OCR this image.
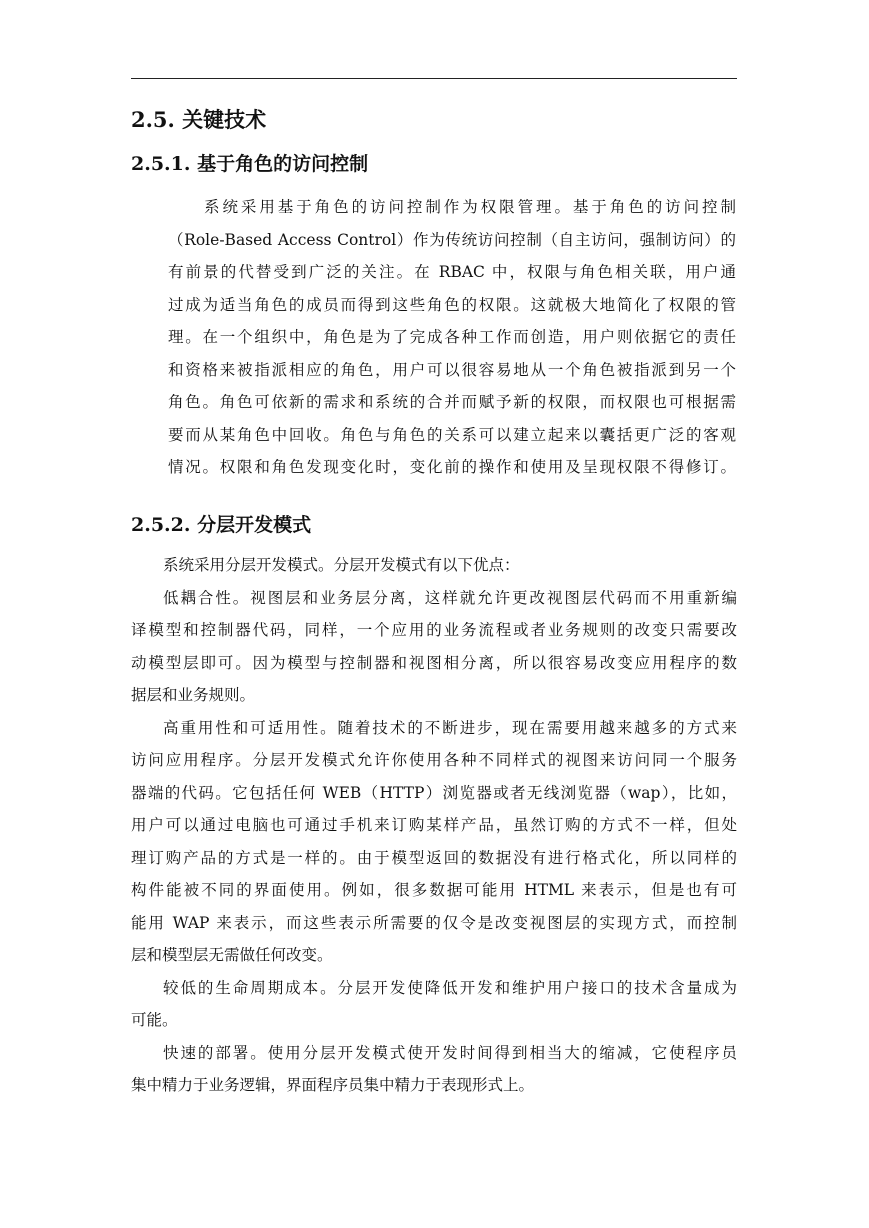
2.5. 关键技术
2.5.1. 基于角色的访问控制
系统采用基于角色的访问控制作为权限管理。基于角色的访问控制
（Role-Based Access Control）作为传统访问控制（自主访问，强制访问）的
有前景的代替受到广泛的关注。在 RBAC 中，权限与角色相关联，用户通
过成为适当角色的成员而得到这些角色的权限。这就极大地简化了权限的管
理。在一个组织中，角色是为了完成各种工作而创造，用户则依据它的责任
和资格来被指派相应的角色，用户可以很容易地从一个角色被指派到另一个
角色。角色可依新的需求和系统的合并而赋予新的权限，而权限也可根据需
要而从某角色中回收。角色与角色的关系可以建立起来以囊括更广泛的客观
情况。权限和角色发现变化时，变化前的操作和使用及呈现权限不得修订。
2.5.2. 分层开发模式
系统采用分层开发模式。分层开发模式有以下优点：
低耦合性。视图层和业务层分离，这样就允许更改视图层代码而不用重新编
译模型和控制器代码，同样，一个应用的业务流程或者业务规则的改变只需要改
动模型层即可。因为模型与控制器和视图相分离，所以很容易改变应用程序的数
据层和业务规则。
高重用性和可适用性。随着技术的不断进步，现在需要用越来越多的方式来
访问应用程序。分层开发模式允许你使用各种不同样式的视图来访问同一个服务
器端的代码。它包括任何 WEB（HTTP）浏览器或者无线浏览器（wap），比如，
用户可以通过电脑也可通过手机来订购某样产品，虽然订购的方式不一样，但处
理订购产品的方式是一样的。由于模型返回的数据没有进行格式化，所以同样的
构件能被不同的界面使用。例如，很多数据可能用 HTML 来表示，但是也有可
能用 WAP 来表示，而这些表示所需要的仅令是改变视图层的实现方式，而控制
层和模型层无需做任何改变。
较低的生命周期成本。分层开发使降低开发和维护用户接口的技术含量成为
可能。
快速的部署。使用分层开发模式使开发时间得到相当大的缩减，它使程序员
集中精力于业务逻辑，界面程序员集中精力于表现形式上。
